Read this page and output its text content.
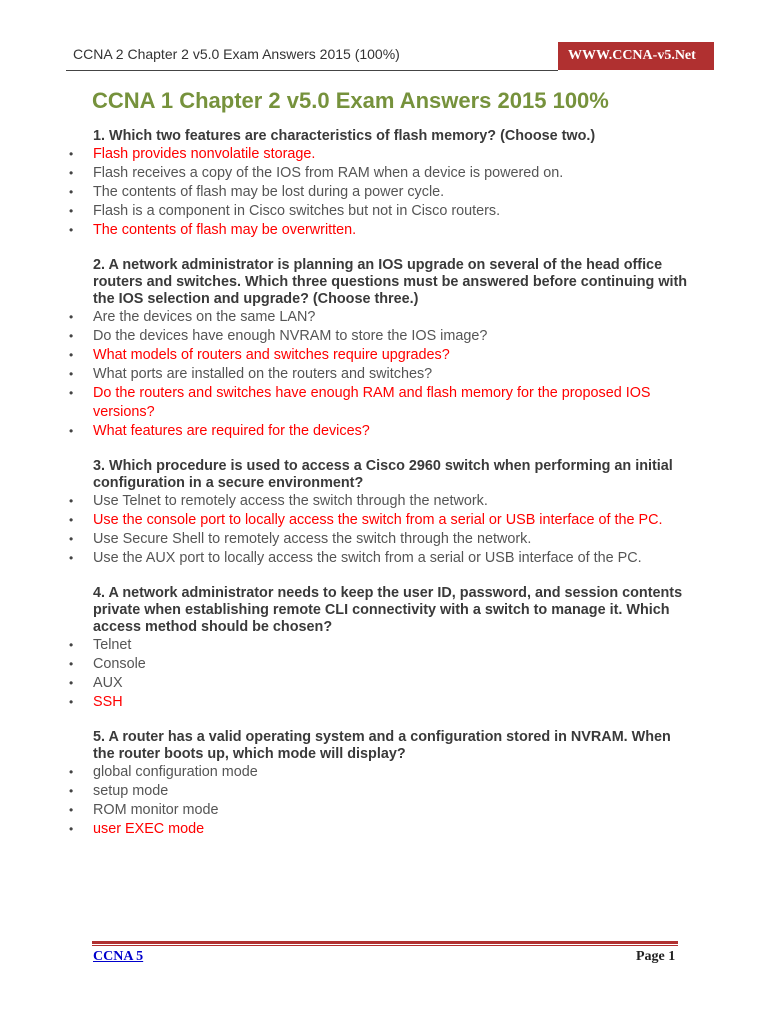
CCNA 2 Chapter 2 v5.0 Exam Answers 2015 (100%)	WWW.CCNA-v5.Net
CCNA 1 Chapter 2 v5.0 Exam Answers 2015 100%

1. Which two features are characteristics of flash memory? (Choose two.)

• Flash provides nonvolatile storage.
• Flash receives a copy of the IOS from RAM when a device is powered on.
• The contents of flash may be lost during a power cycle.
• Flash is a component in Cisco switches but not in Cisco routers.
• The contents of flash may be overwritten.

2. A network administrator is planning an IOS upgrade on several of the head office routers and switches. Which three questions must be answered before continuing with the IOS selection and upgrade? (Choose three.)

• Are the devices on the same LAN?
• Do the devices have enough NVRAM to store the IOS image?
• What models of routers and switches require upgrades?
• What ports are installed on the routers and switches?
• Do the routers and switches have enough RAM and flash memory for the proposed IOS versions?
• What features are required for the devices?

3. Which procedure is used to access a Cisco 2960 switch when performing an initial configuration in a secure environment?

• Use Telnet to remotely access the switch through the network.
• Use the console port to locally access the switch from a serial or USB interface of the PC.
• Use Secure Shell to remotely access the switch through the network.
• Use the AUX port to locally access the switch from a serial or USB interface of the PC.

4. A network administrator needs to keep the user ID, password, and session contents private when establishing remote CLI connectivity with a switch to manage it. Which access method should be chosen?

• Telnet
• Console
• AUX
• SSH

5. A router has a valid operating system and a configuration stored in NVRAM. When the router boots up, which mode will display?

• global configuration mode
• setup mode
• ROM monitor mode
• user EXEC mode
CCNA 5	Page 1
